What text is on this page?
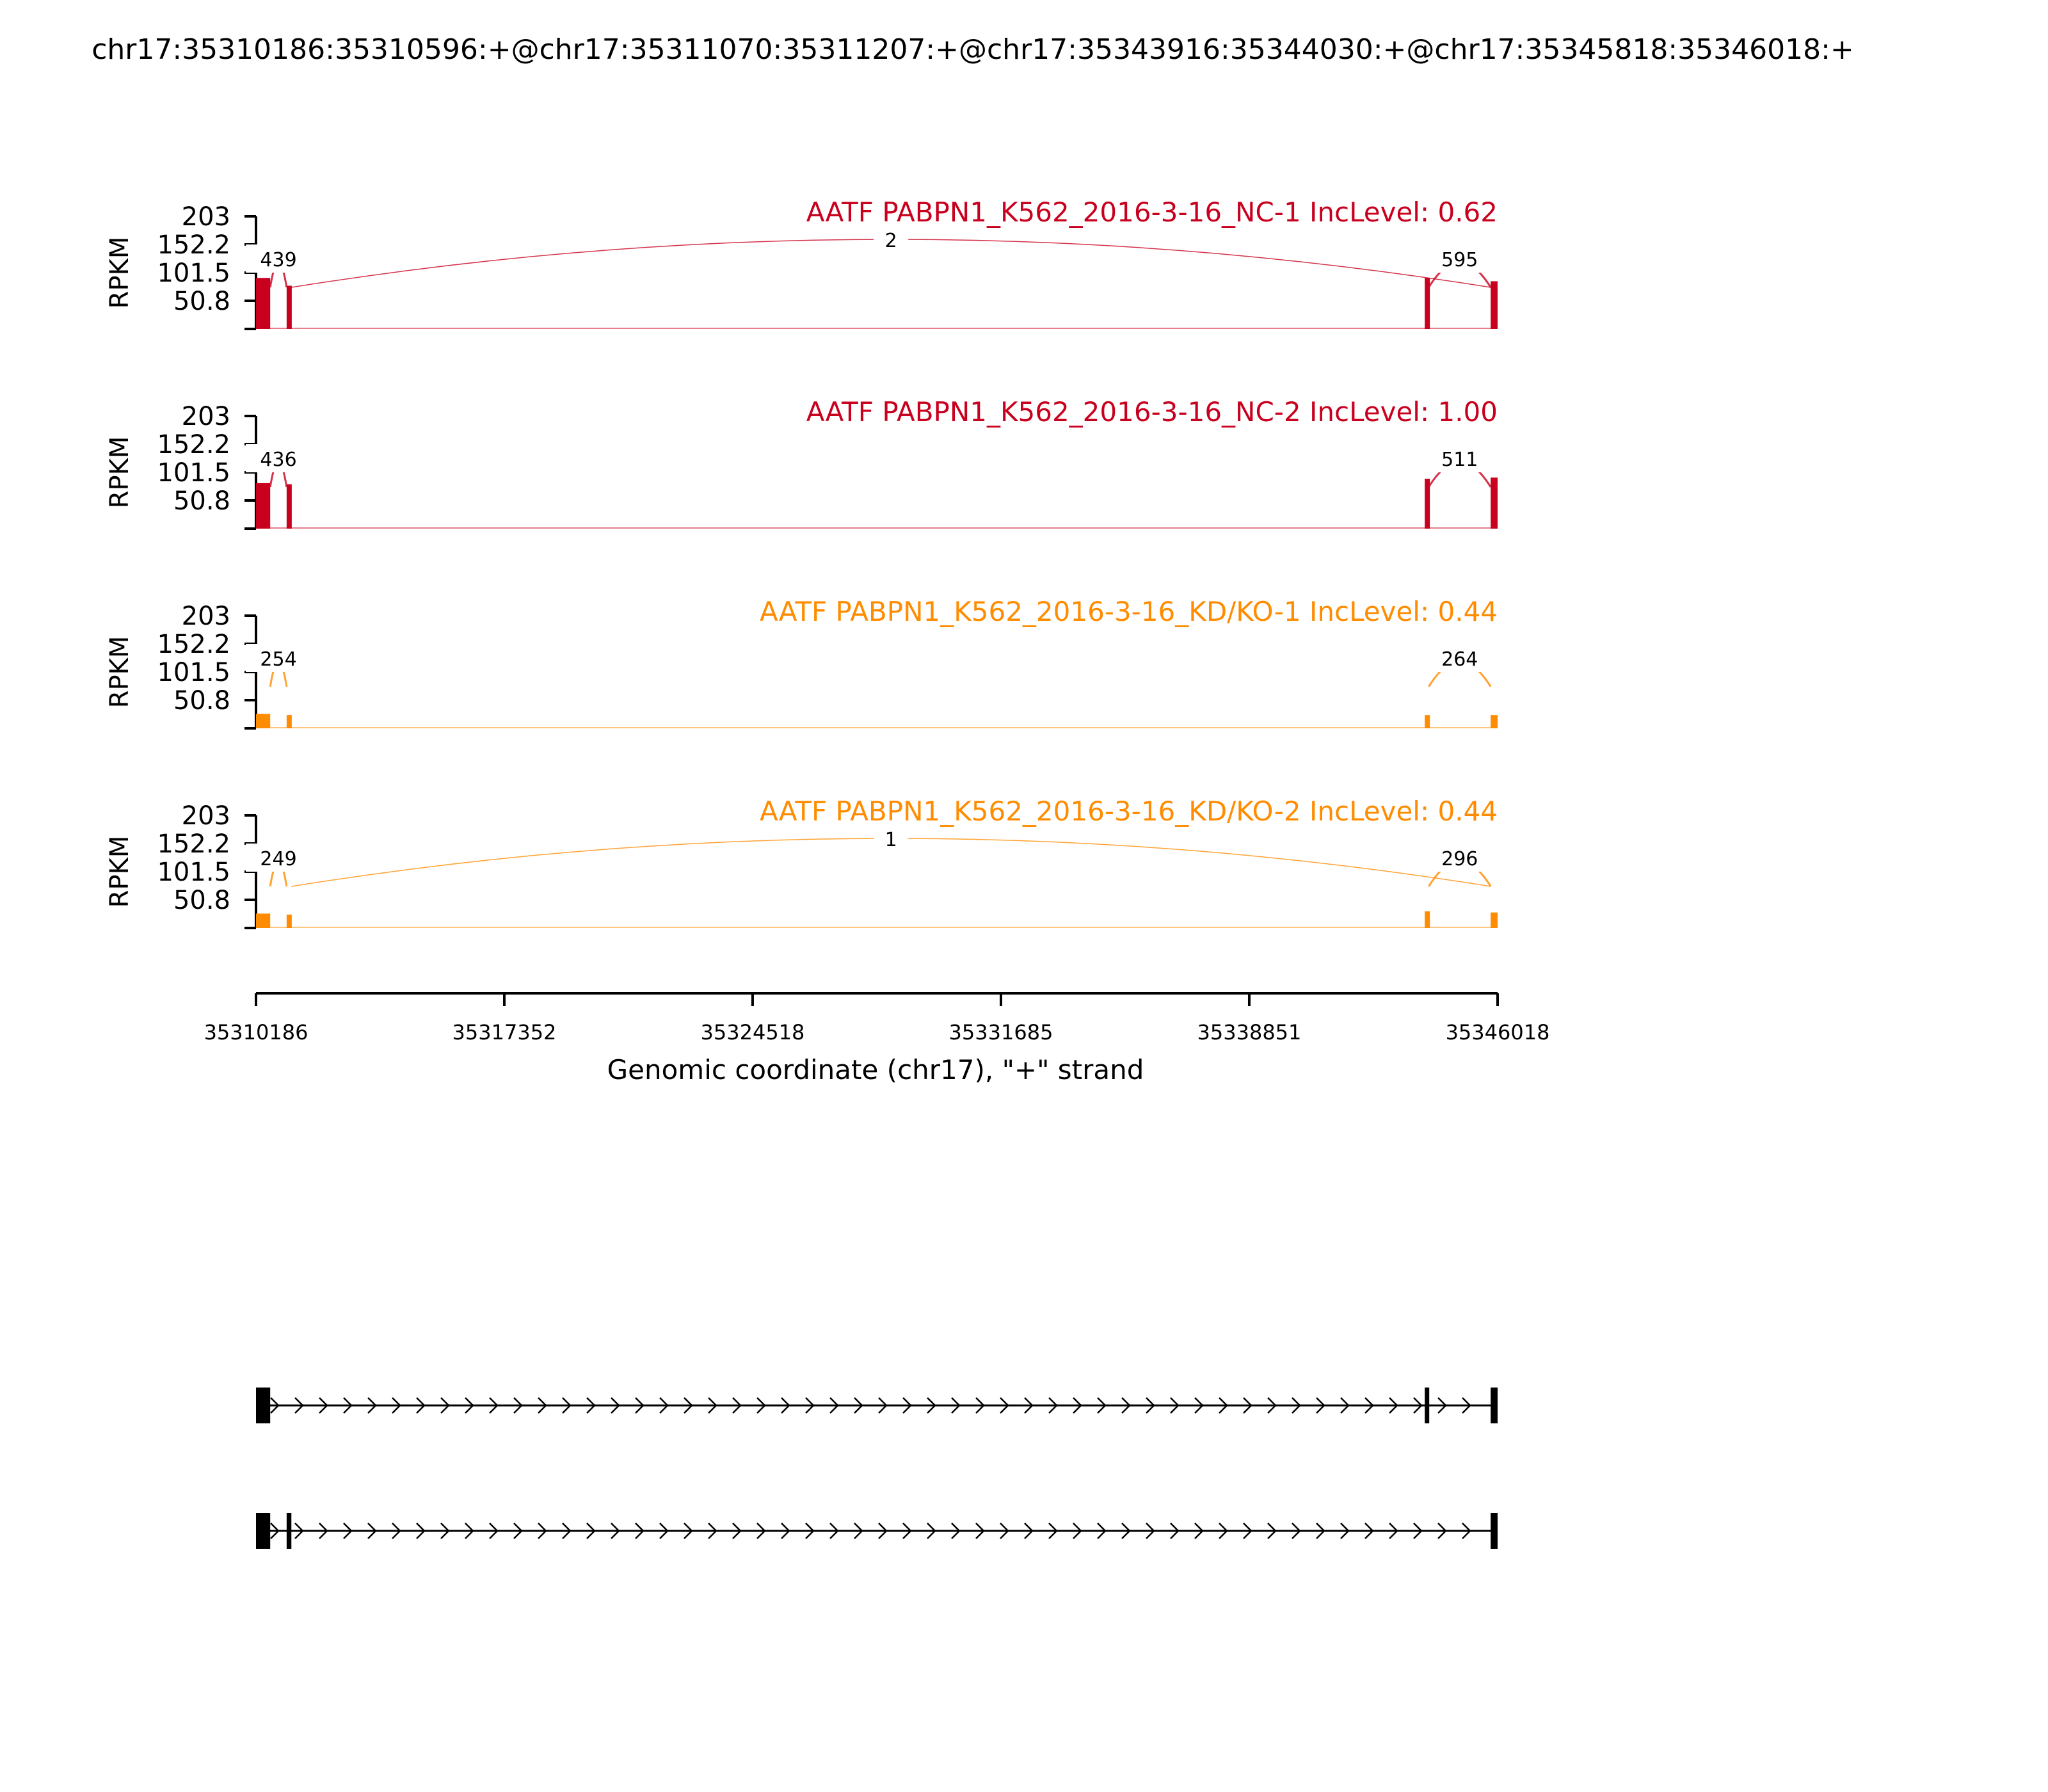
chr17:35310186:35310596:+@chr17:35311070:35311207:+@chr17:35343916:35344030:+@chr17:35345818:35346018:+
203
152.2
101.5
50.8
RPKM	439
2
595
AATF PABPN1_K562_2016-3-16_NC-1 IncLevel: 0.62
203
152.2
101.5
50.8
RPKM	436	511
AATF PABPN1_K562_2016-3-16_NC-2 IncLevel: 1.00
203
152.2
101.5
50.8
RPKM	254	264
AATF PABPN1_K562_2016-3-16_KD/KO-1 IncLevel: 0.44
203
152.2
101.5
50.8
RPKM	249
1
296
AATF PABPN1_K562_2016-3-16_KD/KO-2 IncLevel: 0.44
35310186	35317352	35324518	35331685	35338851	35346018
Genomic coordinate (chr17), "+" strand
